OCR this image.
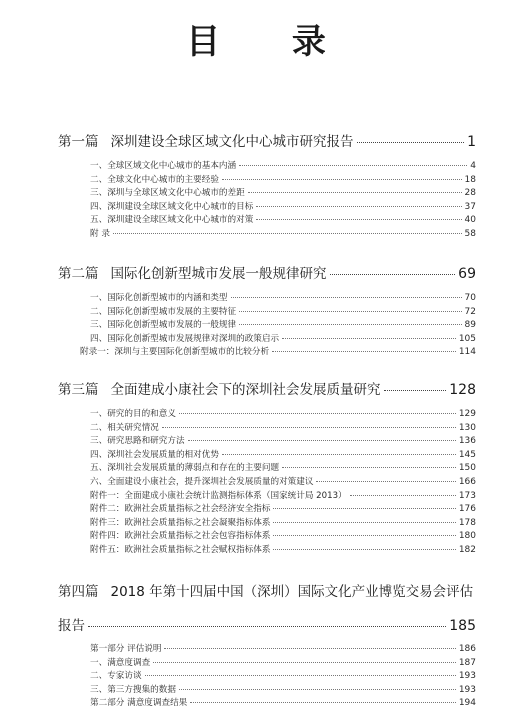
目 录
第一篇 深圳建设全球区域文化中心城市研究报告	1
一、全球区域文化中心城市的基本内涵	4
二、全球文化中心城市的主要经验	18
三、深圳与全球区域文化中心城市的差距	28
四、深圳建设全球区域文化中心城市的目标	37
五、深圳建设全球区域文化中心城市的对策	40
附 录	58
第二篇 国际化创新型城市发展一般规律研究	69
一、国际化创新型城市的内涵和类型	70
二、国际化创新型城市发展的主要特征	72
三、国际化创新型城市发展的一般规律	89
四、国际化创新型城市发展规律对深圳的政策启示	105
附录一：深圳与主要国际化创新型城市的比较分析	114
第三篇 全面建成小康社会下的深圳社会发展质量研究	128
一、研究的目的和意义	129
二、相关研究情况	130
三、研究思路和研究方法	136
四、深圳社会发展质量的相对优势	145
五、深圳社会发展质量的薄弱点和存在的主要问题	150
六、全面建设小康社会，提升深圳社会发展质量的对策建议	166
附件一：全面建成小康社会统计监测指标体系（国家统计局 2013）	173
附件二：欧洲社会质量指标之社会经济安全指标	176
附件三：欧洲社会质量指标之社会凝聚指标体系	178
附件四：欧洲社会质量指标之社会包容指标体系	180
附件五：欧洲社会质量指标之社会赋权指标体系	182
第四篇 2018 年第十四届中国（深圳）国际文化产业博览交易会评估
报告	185
第一部分 评估说明	186
一、满意度调查	187
二、专家访谈	193
三、第三方搜集的数据	193
第二部分 满意度调查结果	194
